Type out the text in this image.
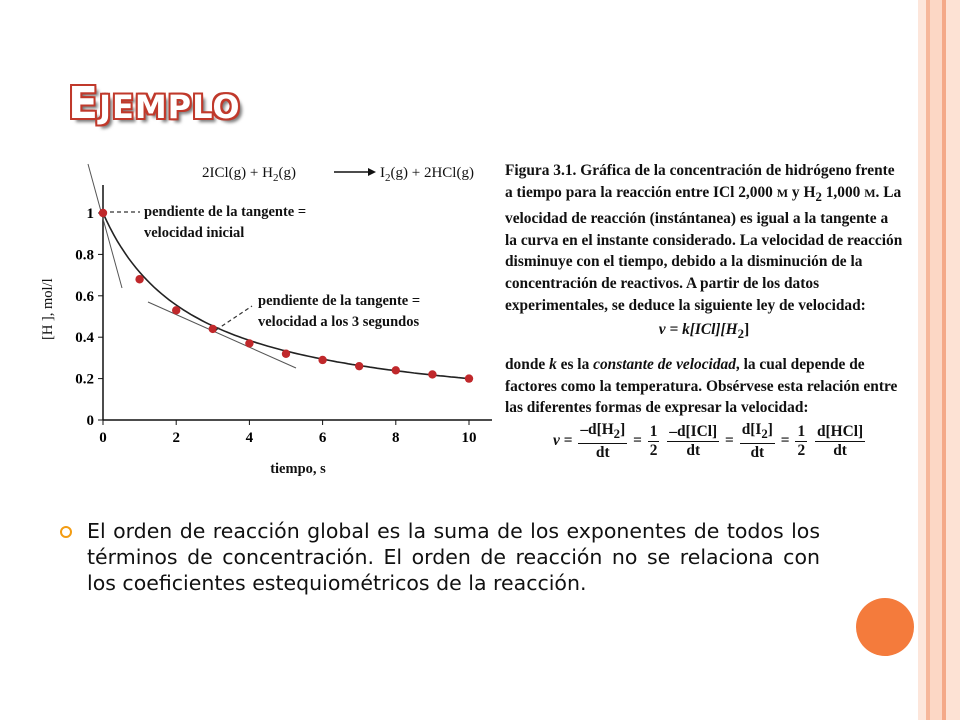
EJEMPLO
$2ICl(g) + H_2(g)$	$I_2(g) + 2HCl(g)$
0	2	4	6	8	10
0
0.2
0.4
0.6
0.8
1	pendiente de la tangente =
velocidad inicial
pendiente de la tangente =
velocidad a los 3 segundos
[H ], mol/l
tiempo, s
Figura 3.1. Gráfica de la concentración de hidrógeno frente a tiempo para la reacción entre ICl 2,000 M y $H_2$ 1,000 M. La velocidad de reacción (instántanea) es igual a la tangente a la curva en el instante considerado. La velocidad de reacción disminuye con el tiempo, debido a la disminución de la concentración de reactivos. A partir de los datos experimentales, se deduce la siguiente ley de velocidad:
$v = k[ICl][H_2]$
donde k es la constante de velocidad, la cual depende de factores como la temperatura. Obsérvese esta relación entre las diferentes formas de expresar la velocidad:
$v = \frac{-d[H_2]}{dt} = \frac{1}{2}$
$\frac{\text{–d[ICl]}}{dt} = \frac{d[I_2]}{dt} = \frac{1}{2}$
$\frac{\text{d[HCl]}}{dt}$
El orden de reacción global es la suma de los exponentes de todos los términos de concentración. El orden de reacción no se relaciona con los coeficientes estequiométricos de la reacción.
